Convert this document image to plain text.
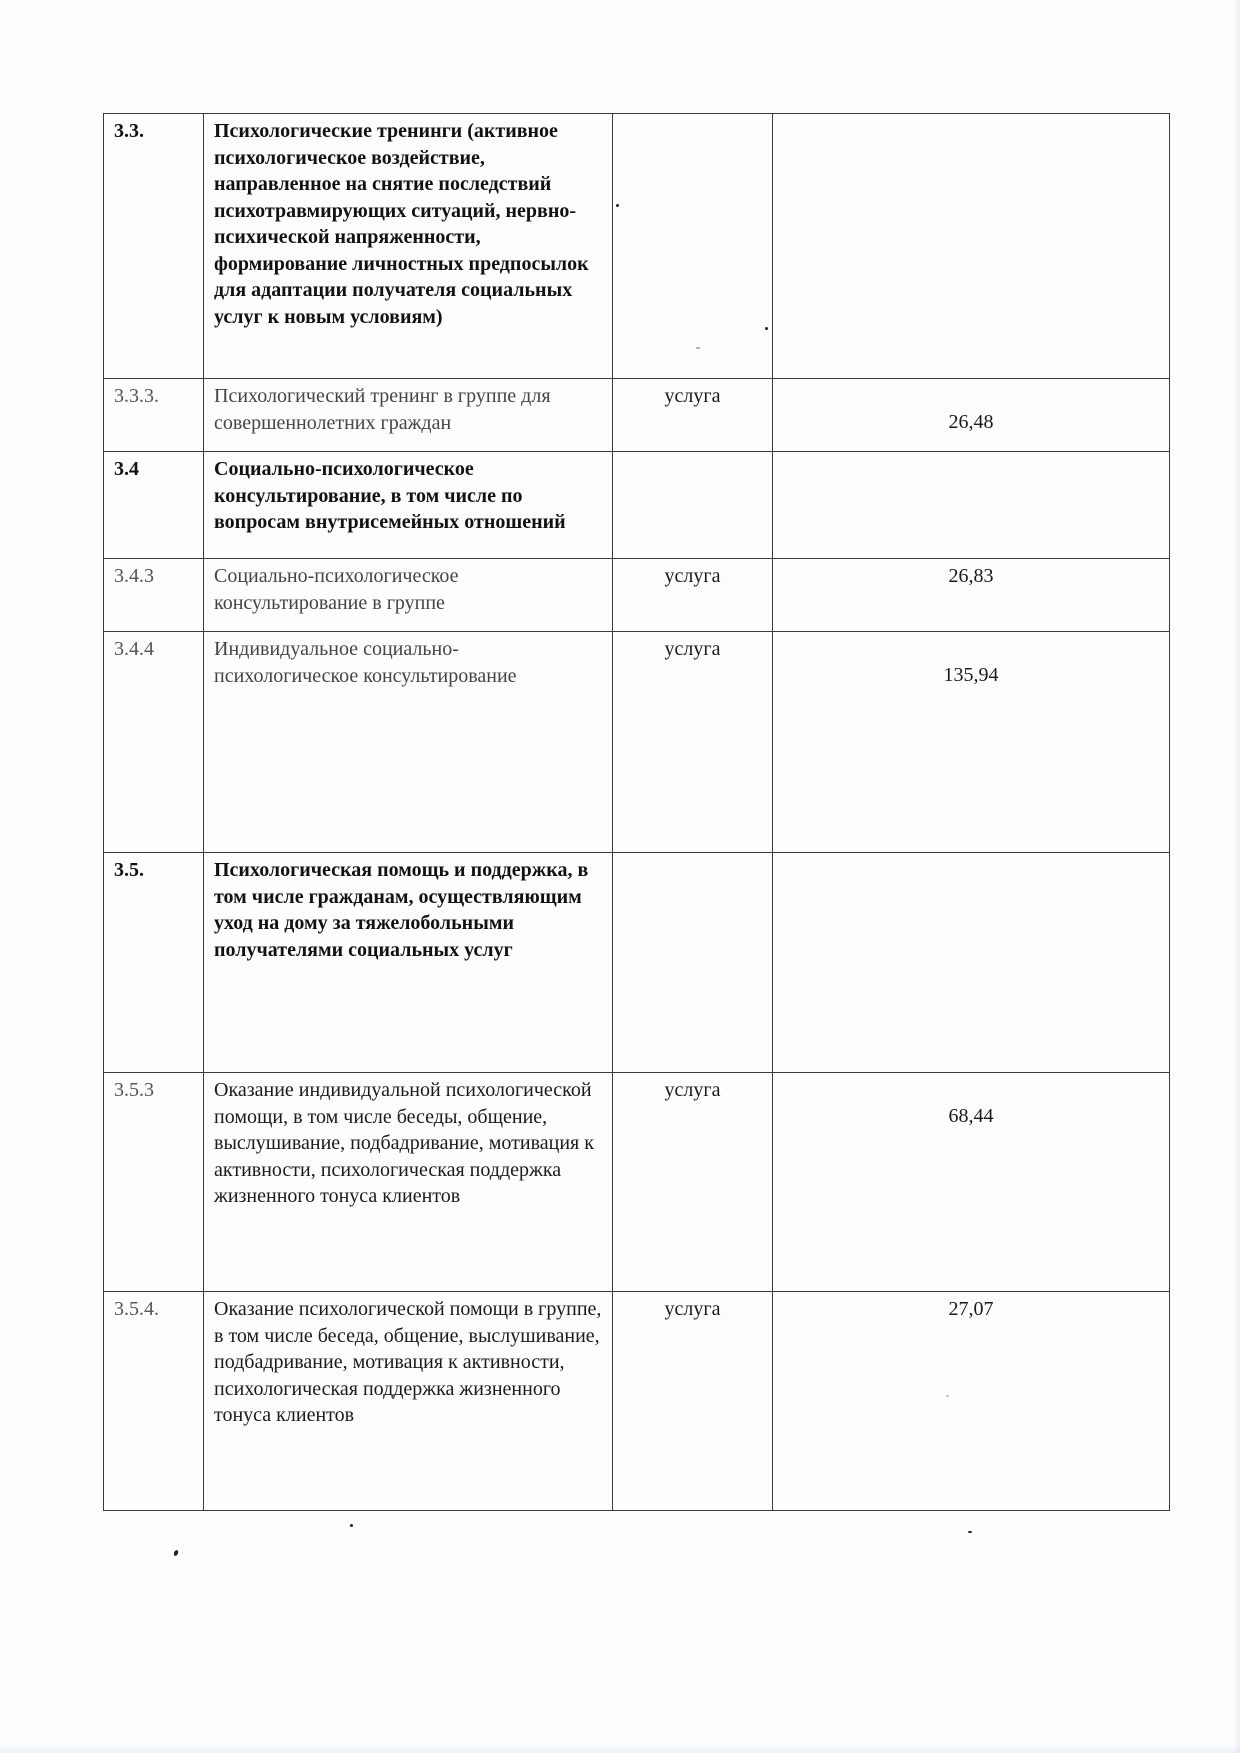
3.3.	Психологические тренинги (активное психологическое воздействие, направленное на снятие последствий психотравмирующих ситуаций, нервно-психической напряженности, формирование личностных предпосылок для адаптации получателя социальных услуг к новым условиям)		
3.3.3.	Психологический тренинг в группе для совершеннолетних граждан	услуга	26,48
3.4	Социально-психологическое консультирование, в том числе по вопросам внутрисемейных отношений		
3.4.3	Социально-психологическое консультирование в группе	услуга	26,83
3.4.4	Индивидуальное социально-психологическое консультирование	услуга	135,94
3.5.	Психологическая помощь и поддержка, в том числе гражданам, осуществляющим уход на дому за тяжелобольными получателями социальных услуг		
3.5.3	Оказание индивидуальной психологической помощи, в том числе беседы, общение, выслушивание, подбадривание, мотивация к активности, психологическая поддержка жизненного тонуса клиентов	услуга	68,44
3.5.4.	Оказание психологической помощи в группе, в том числе беседа, общение, выслушивание, подбадривание, мотивация к активности, психологическая поддержка жизненного тонуса клиентов	услуга	27,07
